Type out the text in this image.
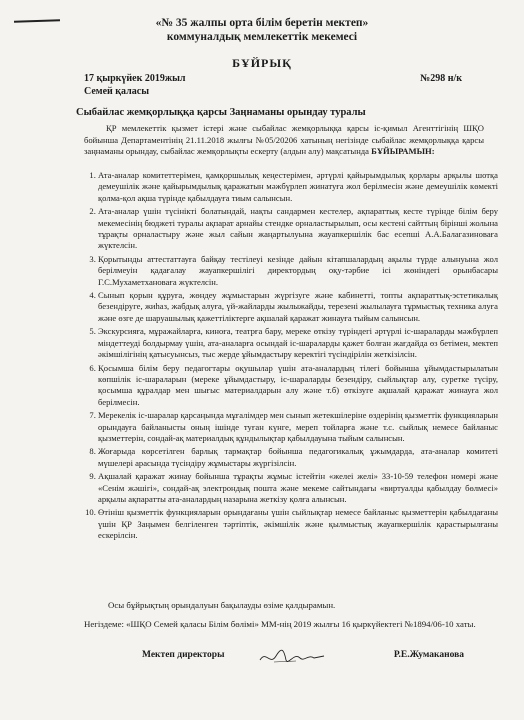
«№ 35 жалпы орта білім беретін мектеп»
коммуналдық мемлекеттік мекемесі
БҰЙРЫҚ
17 қыркүйек 2019жыл
Семей қаласы
№298 н/к
Сыбайлас жемқорлыққа қарсы Заңнаманы орындау туралы
ҚР мемлекеттік қызмет істері және сыбайлас жемқорлыққа қарсы іс-қимыл Агенттігінің ШҚО бойынша Департаментінің 21.11.2018 жылғы №05/20206 хатының негізінде сыбайлас жемқорлыққа қарсы заңнаманы орындау, сыбайлас жемқорлықты ескерту (алдын алу) мақсатында БҰЙЫРАМЫН:
1. Ата-аналар комитеттерімен, қамқоршылық кеңестерімен, әртүрлі қайырымдылық қорлары арқылы шотқа демеушілік және қайырымдылық қаражатын мәжбүрлеп жинатуға жол берілмесін және демеушілік көмекті қолма-қол ақша түрінде қабылдауға тиым салынсын.
2. Ата-аналар үшін түсінікті болатындай, нақты сандармен кестелер, ақпараттық кесте түрінде білім беру мекемесінің бюджеті туралы ақпарат арнайы стендке орналастырылып, осы кестені сайттың бірінші жолына тұрақты орналастыру және жыл сайын жаңартылуына жауапкершілік бас есепші А.А.Балагазиноваға жүктелсін.
3. Қорытынды аттестаттауға байқау тестілеуі кезінде дайын кітапшалардың ақылы түрде алынуына жол берілмеуін қадағалау жауапкершілігі директордың оқу-тәрбие ісі жөніндегі орынбасары Г.С.Мухаметхановаға жүктелсін.
4. Сынып қорын құруға, жөндеу жұмыстарын жүргізуге және кабинетті, топты ақпараттық-эстетикалық безендіруге, жиһаз, жабдық алуға, үй-жайларды жылыжайды, терезені жылылауға тұрмыстық техника алуға және өзге де шаруашылық қажеттіліктерге ақшалай қаражат жинауға тыйым салынсын.
5. Экскурсияға, мұражайларға, киноға, театрға бару, мереке өткізу түріндегі әртүрлі іс-шараларды мәжбүрлеп міндеттеуді болдырмау үшін, ата-аналарға осындай іс-шараларды қажет болған жағдайда өз бетімен, мектеп әкімшілігінің қатысуынсыз, тыс жерде ұйымдастыру керектігі түсіндірілін жеткізілсін.
6. Қосымша білім беру педагогтары оқушылар үшін ата-аналардың тілегі бойынша ұйымдастырылатын көпшілік іс-шараларын (мереке ұйымдастыру, іс-шараларды безендіру, сыйлықтар алу, суретке түсіру, қосымша құралдар мен шығыс материалдарын алу және т.б) өткізуге ақшалай қаражат жинауға жол берілмесін.
7. Мерекелік іс-шаралар қарсаңында мұғалімдер мен сынып жетекшілеріне өздерінің қызметтік функцияларын орындауға байланысты оның ішінде туған күнге, мереп тойларға және т.с. сыйлық немесе байланыс қызметтерін, сондай-ақ материалдық құндылықтар қабылдауына тыйым салынсын.
8. Жоғарыда көрсетілген барлық тармақтар бойынша педагогикалық ұжымдарда, ата-аналар комитеті мүшелері арасында түсіндіру жұмыстары жүргізілсін.
9. Ақшалай қаражат жинау бойынша тұрақты жұмыс істейтін «желеі желі» 33-10-59 телефон нөмері және «Сенім жәшігі», сондай-ақ электрондық пошта және мекеме сайтындағы «виртуалды қабылдау бөлмесі» арқылы ақпаратты ата-аналардың назарына жеткізу қолға алынсын.
10. Өтініш қызметтік функцияларын орындағаны үшін сыйлықтар немесе байланыс қызметтерін қабылдағаны үшін ҚР Заңымен белгіленген тәртіптік, әкімшілік және қылмыстық жауапкершілік қарастырылғаны ескерілсін.
Осы бұйрықтың орындалуын бақылауды өзіме қалдырамын.
Негіздеме: «ШҚО Семей қаласы Білім бөлімі» ММ-нің 2019 жылғы 16 қыркүйектегі №1894/06-10 хаты.
Мектеп директоры	Р.Е.Жумаканова
